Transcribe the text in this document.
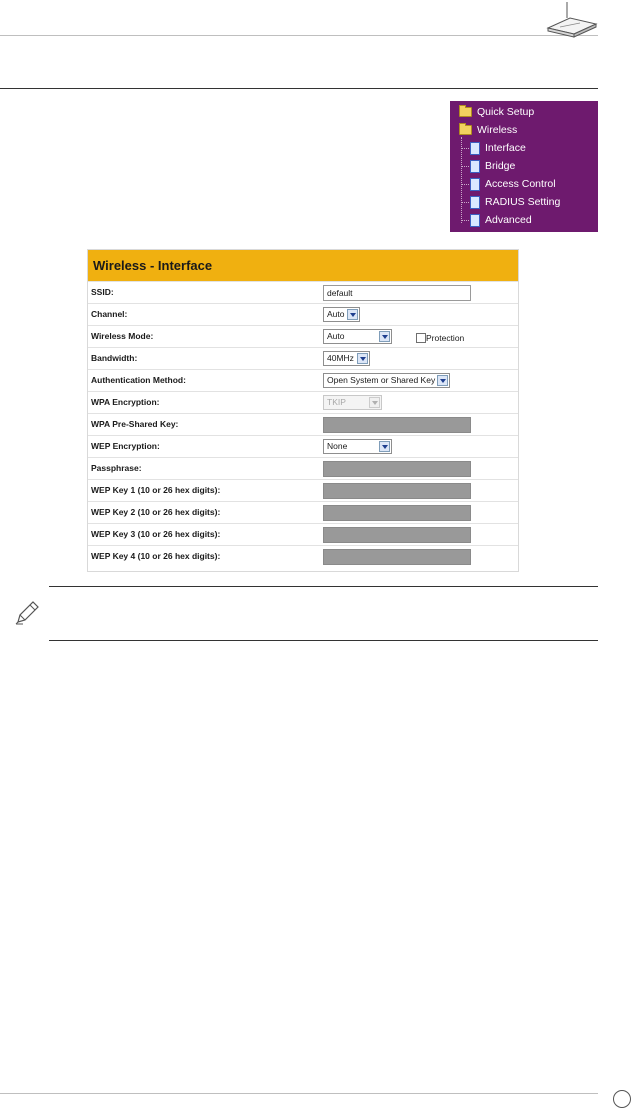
Quick Setup
Wireless
Interface
Bridge
Access Control
RADIUS Setting
Advanced
Wireless - Interface
SSID:	default
Channel:	Auto
Wireless Mode:	Auto	Protection
Bandwidth:	40MHz
Authentication Method:	Open System or Shared Key
WPA Encryption:	TKIP
WPA Pre-Shared Key:
WEP Encryption:	None
Passphrase:
WEP Key 1 (10 or 26 hex digits):
WEP Key 2 (10 or 26 hex digits):
WEP Key 3 (10 or 26 hex digits):
WEP Key 4 (10 or 26 hex digits):
